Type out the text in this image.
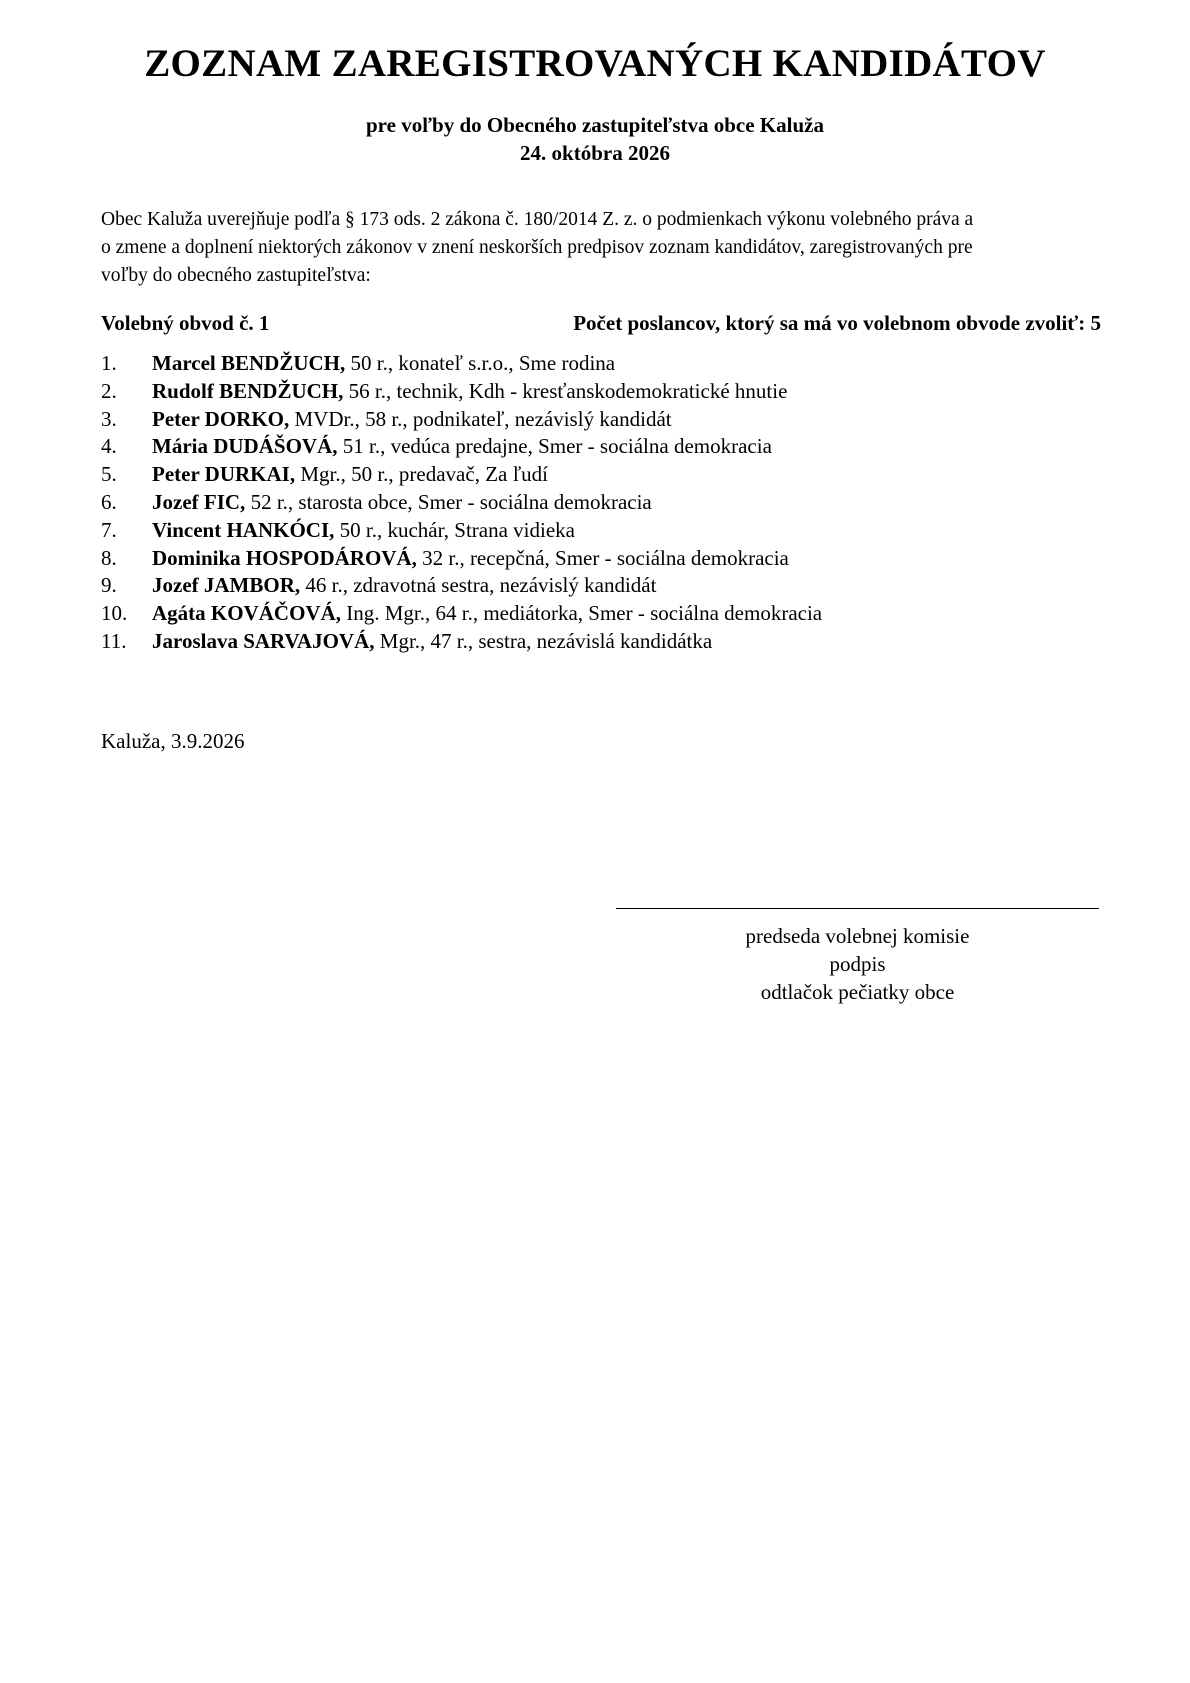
ZOZNAM ZAREGISTROVANÝCH KANDIDÁTOV
pre voľby do Obecného zastupiteľstva obce Kaluža
24. októbra 2026
Obec Kaluža uverejňuje podľa § 173 ods. 2 zákona č. 180/2014 Z. z. o podmienkach výkonu volebného práva a
o zmene a doplnení niektorých zákonov v znení neskorších predpisov zoznam kandidátov, zaregistrovaných pre
voľby do obecného zastupiteľstva:
Volebný obvod č. 1	Počet poslancov, ktorý sa má vo volebnom obvode zvoliť: 5
1. Marcel BENDŽUCH, 50 r., konateľ s.r.o., Sme rodina
2. Rudolf BENDŽUCH, 56 r., technik, Kdh - kresťanskodemokratické hnutie
3. Peter DORKO, MVDr., 58 r., podnikateľ, nezávislý kandidát
4. Mária DUDÁŠOVÁ, 51 r., vedúca predajne, Smer - sociálna demokracia
5. Peter DURKAI, Mgr., 50 r., predavač, Za ľudí
6. Jozef FIC, 52 r., starosta obce, Smer - sociálna demokracia
7. Vincent HANKÓCI, 50 r., kuchár, Strana vidieka
8. Dominika HOSPODÁROVÁ, 32 r., recepčná, Smer - sociálna demokracia
9. Jozef JAMBOR, 46 r., zdravotná sestra, nezávislý kandidát
10. Agáta KOVÁČOVÁ, Ing. Mgr., 64 r., mediátorka, Smer - sociálna demokracia
11. Jaroslava SARVAJOVÁ, Mgr., 47 r., sestra, nezávislá kandidátka

Kaluža, 3.9.2026

predseda volebnej komisie
podpis
odtlačok pečiatky obce
